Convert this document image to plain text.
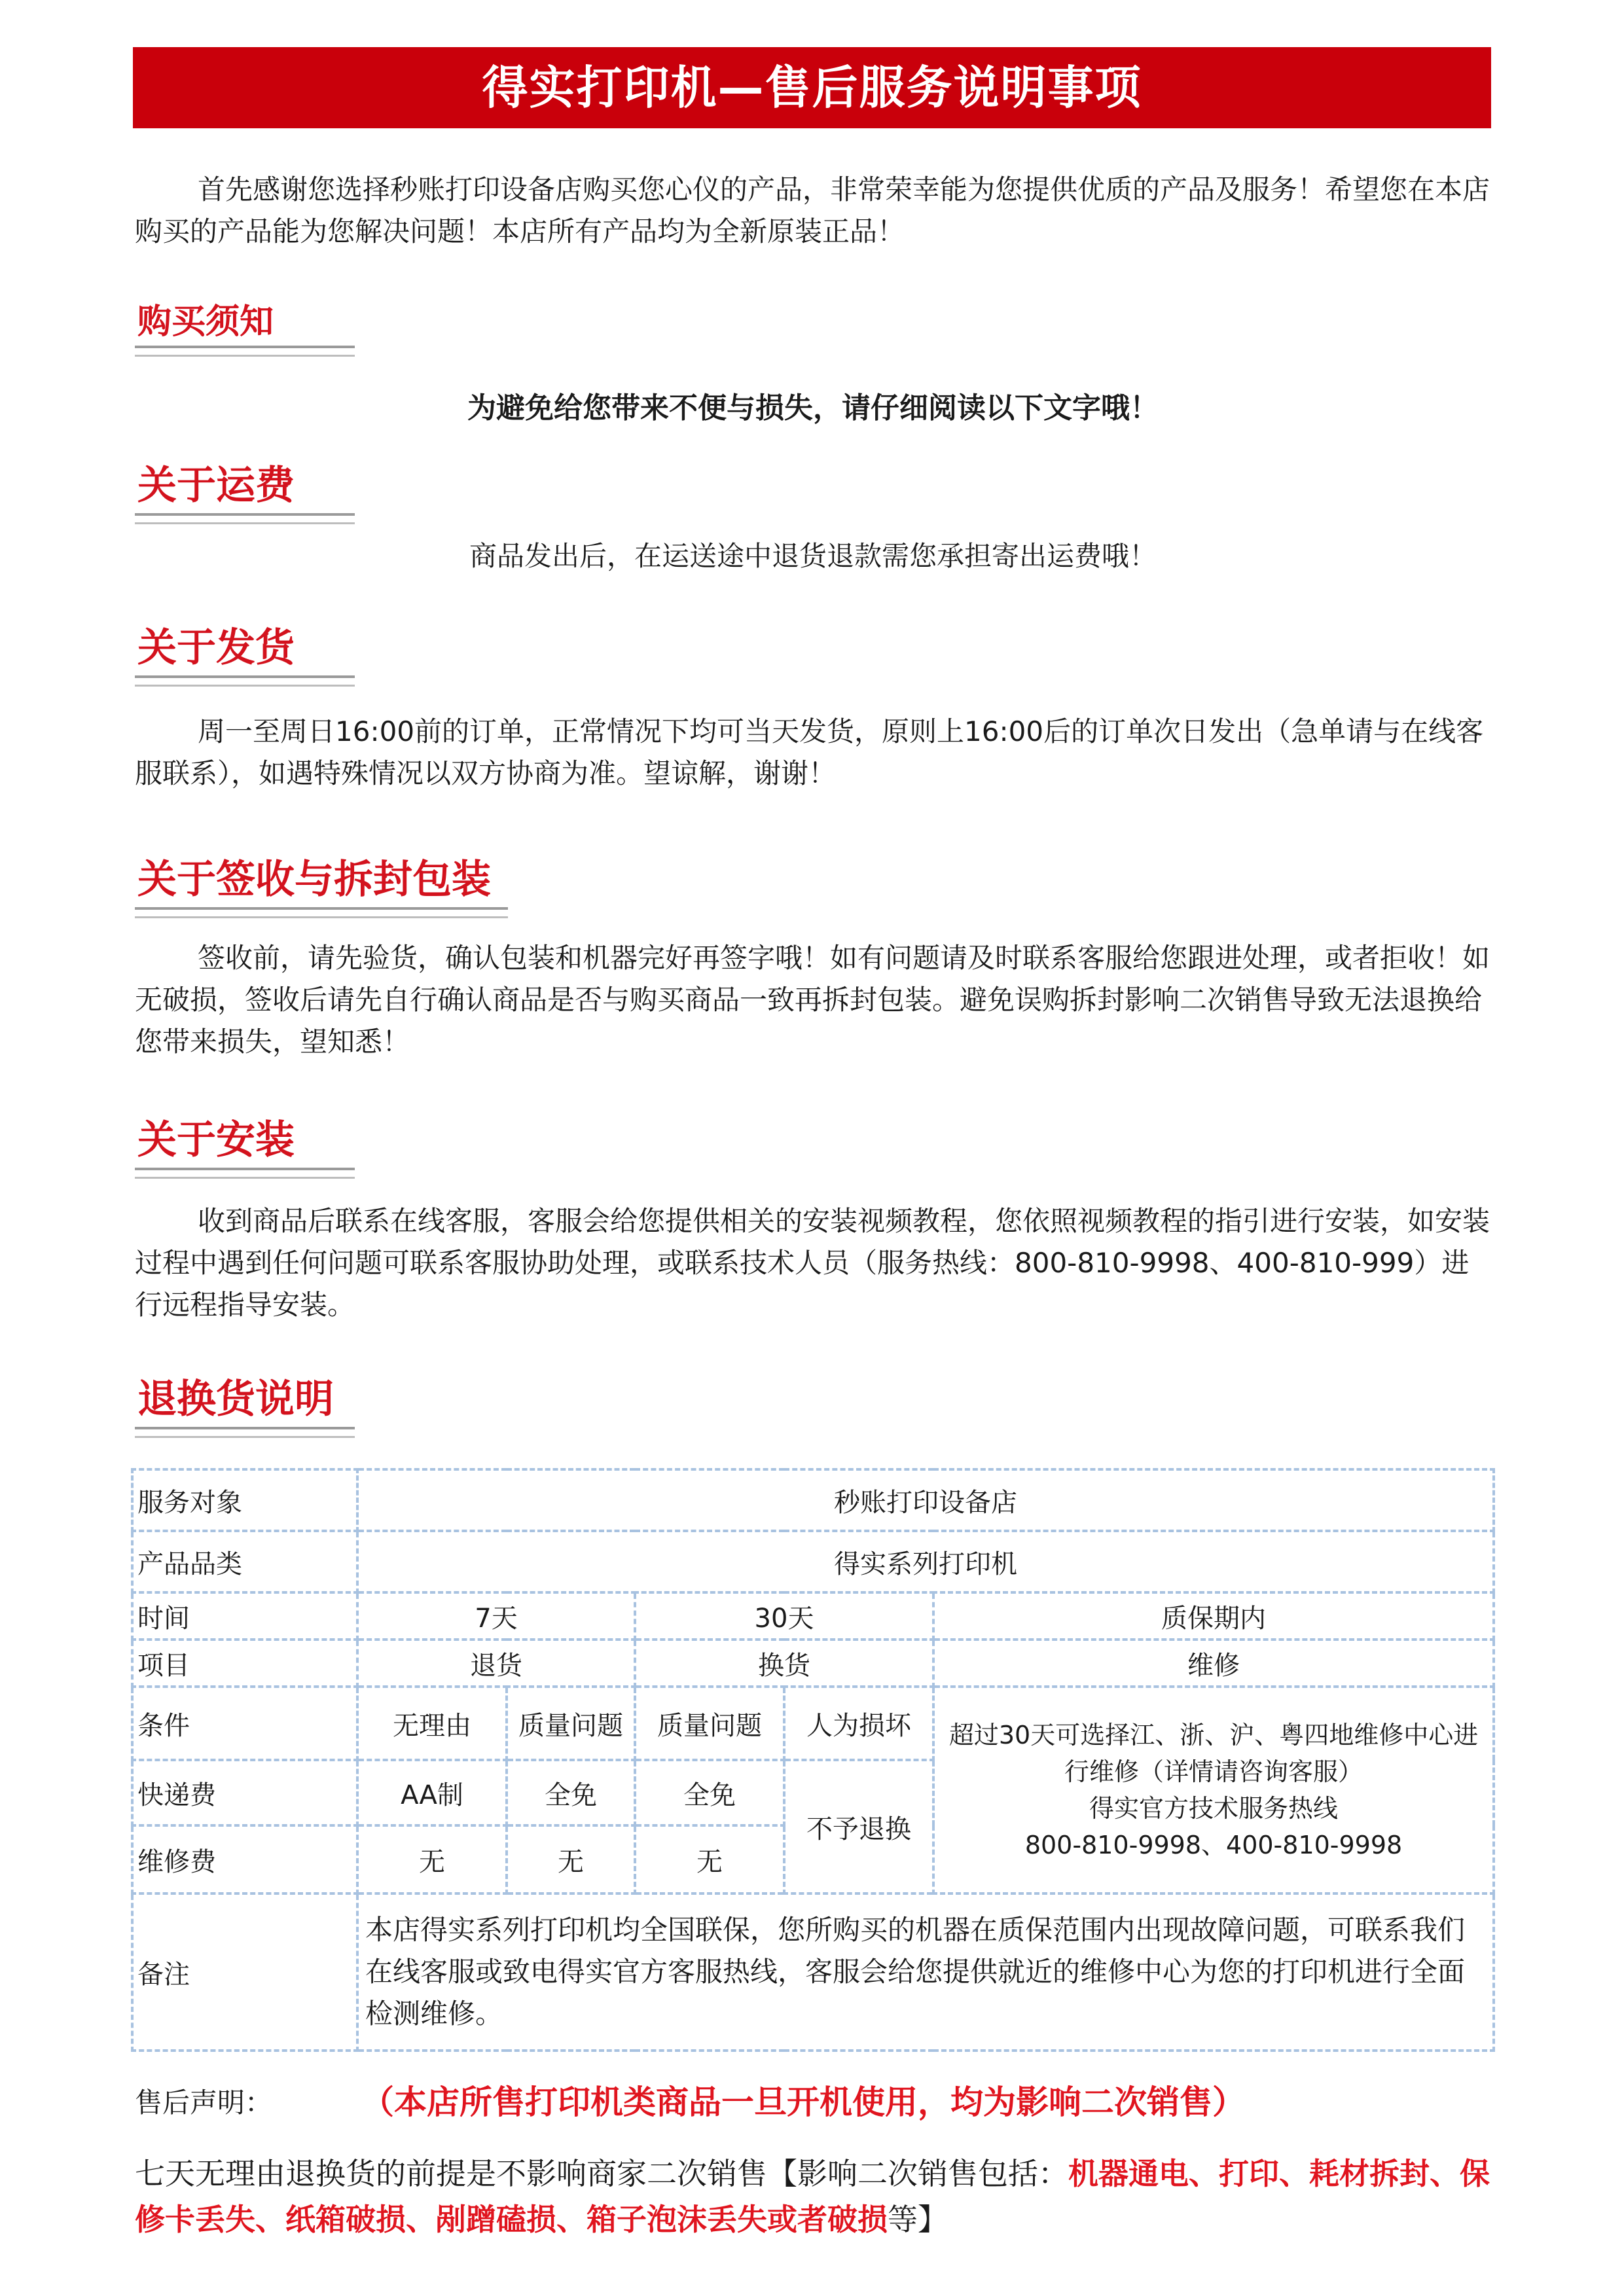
得实打印机—售后服务说明事项

首先感谢您选择秒账打印设备店购买您心仪的产品，非常荣幸能为您提供优质的产品及服务！希望您在本店购买的产品能为您解决问题！本店所有产品均为全新原装正品！

购买须知
为避免给您带来不便与损失，请仔细阅读以下文字哦！
关于运费
商品发出后，在运送途中退货退款需您承担寄出运费哦！
关于发货

周一至周日16:00前的订单，正常情况下均可当天发货，原则上16:00后的订单次日发出（急单请与在线客服联系），如遇特殊情况以双方协商为准。望谅解，谢谢！

关于签收与拆封包装

签收前，请先验货，确认包装和机器完好再签字哦！如有问题请及时联系客服给您跟进处理，或者拒收！如无破损，签收后请先自行确认商品是否与购买商品一致再拆封包装。避免误购拆封影响二次销售导致无法退换给您带来损失，望知悉！

关于安装

收到商品后联系在线客服，客服会给您提供相关的安装视频教程，您依照视频教程的指引进行安装，如安装过程中遇到任何问题可联系客服协助处理，或联系技术人员（服务热线：800-810-9998、400-810-999）进行远程指导安装。

退换货说明
服务对象	秒账打印设备店				
产品品类	得实系列打印机				
时间	7天		30天		质保期内
项目	退货		换货		维修
条件	无理由	质量问题	质量问题	人为损坏	超过30天可选择江、浙、沪、粤四地维修中心进
行维修（详情请咨询客服）
得实官方技术服务热线
800-810-9998、400-810-9998

快递费	AA制	全免	全免	不予退换	
维修费	无	无	无		
备注	本店得实系列打印机均全国联保，您所购买的机器在质保范围内出现故障问题，可联系我们在线客服或致电得实官方客服热线，客服会给您提供就近的维修中心为您的打印机进行全面检测维修。				
售后声明：	（本店所售打印机类商品一旦开机使用，均为影响二次销售）
七天无理由退换货的前提是不影响商家二次销售【影响二次销售包括：机器通电、打印、耗材拆封、保修卡丢失、纸箱破损、剐蹭磕损、箱子泡沫丢失或者破损等】
